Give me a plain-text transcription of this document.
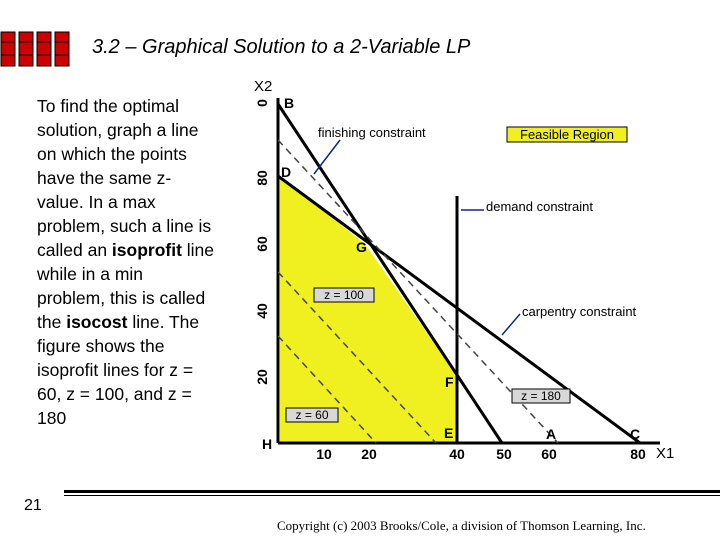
3.2 – Graphical Solution to a 2-Variable LP
To find the optimal solution, graph a line on which the points have the same z-value. In a max problem, such a line is called an isoprofit line while in a min problem, this is called the isocost line. The figure shows the isoprofit lines for z = 60, z = 100, and z = 180
X2
X1
10 20	40 50 60	80
20
40
60
80
0 B
D
G
F
E	A	C
H
finishing constraint
demand constraint
carpentry constraint
Feasible Region
z = 100
z = 180
z = 60
21
Copyright (c) 2003 Brooks/Cole, a division of Thomson Learning, Inc.
